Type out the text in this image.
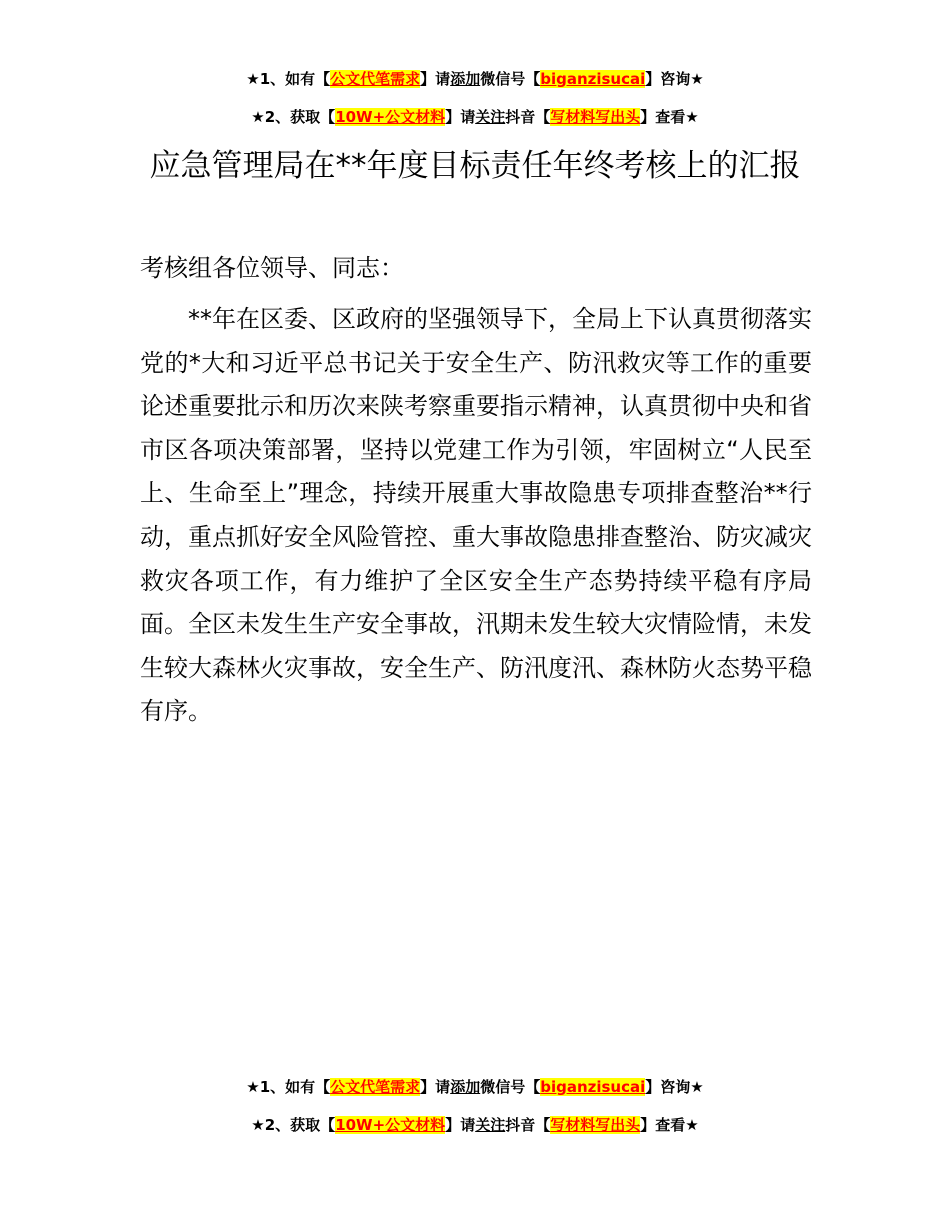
★1、如有【公文代笔需求】请添加微信号【biganzisucai】咨询★
★2、获取【10W+公文材料】请关注抖音【写材料写出头】查看★
应急管理局在**年度目标责任年终考核上的汇报
考核组各位领导、同志：

**年在区委、区政府的坚强领导下，全局上下认真贯彻落实党的*大和习近平总书记关于安全生产、防汛救灾等工作的重要论述重要批示和历次来陕考察重要指示精神，认真贯彻中央和省市区各项决策部署，坚持以党建工作为引领，牢固树立“人民至上、生命至上”理念，持续开展重大事故隐患专项排查整治**行动，重点抓好安全风险管控、重大事故隐患排查整治、防灾减灾救灾各项工作，有力维护了全区安全生产态势持续平稳有序局面。全区未发生生产安全事故，汛期未发生较大灾情险情，未发生较大森林火灾事故，安全生产、防汛度汛、森林防火态势平稳有序。

★1、如有【公文代笔需求】请添加微信号【biganzisucai】咨询★
★2、获取【10W+公文材料】请关注抖音【写材料写出头】查看★
